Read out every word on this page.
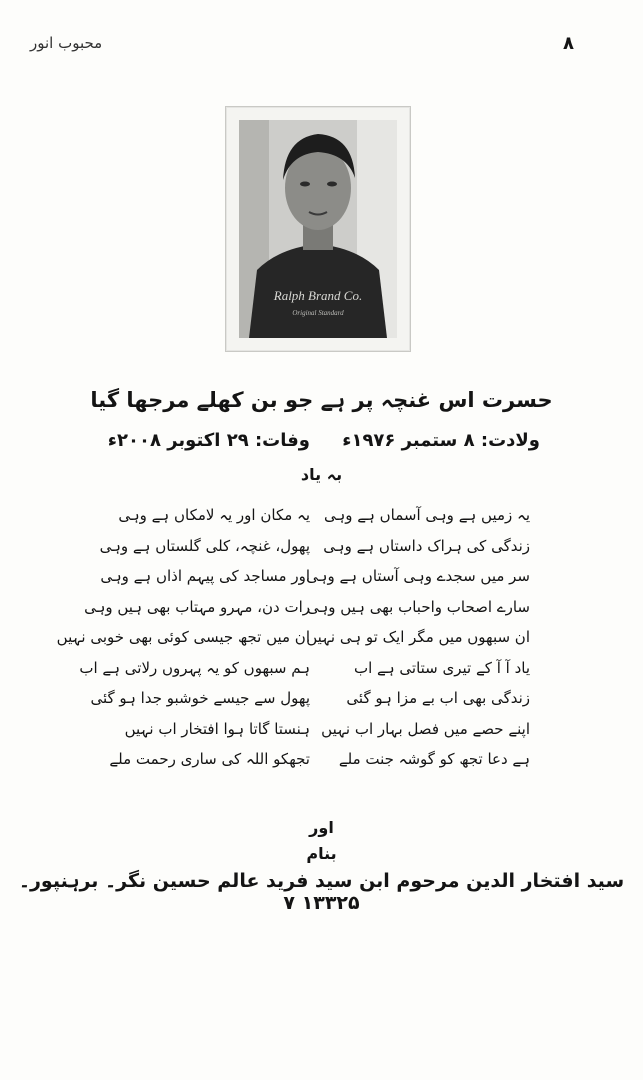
محبوب انور	۸
Ralph Brand Co.
Original Standard
حسرت اس غنچہ پر ہے جو بن کھلے مرجھا گیا
ولادت: ۸ ستمبر ۱۹۷۶ء
وفات: ۲۹ اکتوبر ۲۰۰۸ء
بہ یاد
یہ زمیں ہے وہی آسماں ہے وہی
زندگی کی ہراک داستاں ہے وہی
سر میں سجدے وہی آستاں ہے وہی
سارے اصحاب واحباب بھی ہیں وہی
ان سبھوں میں مگر ایک تو ہی نہیں
یاد آ آ کے تیری ستاتی ہے اب
زندگی بھی اب بے مزا ہو گئی
اپنے حصے میں فصل بہار اب نہیں
ہے دعا تجھ کو گوشہ جنت ملے
یہ مکان اور یہ لامکاں ہے وہی
پھول، غنچہ، کلی گلستاں ہے وہی
اور مساجد کی پیہم اذاں ہے وہی
رات دن، مہرو مہتاب بھی ہیں وہی
ان میں تجھ جیسی کوئی بھی خوبی نہیں
ہم سبھوں کو یہ پہروں رلاتی ہے اب
پھول سے جیسے خوشبو جدا ہو گئی
ہنستا گاتا ہوا افتخار اب نہیں
تجھکو اللہ کی ساری رحمت ملے
اور
بنام
سید افتخار الدین مرحوم ابن سید فرید عالم حسین نگر۔ برہنپور۔ ۱۳۳۲۵ ۷
